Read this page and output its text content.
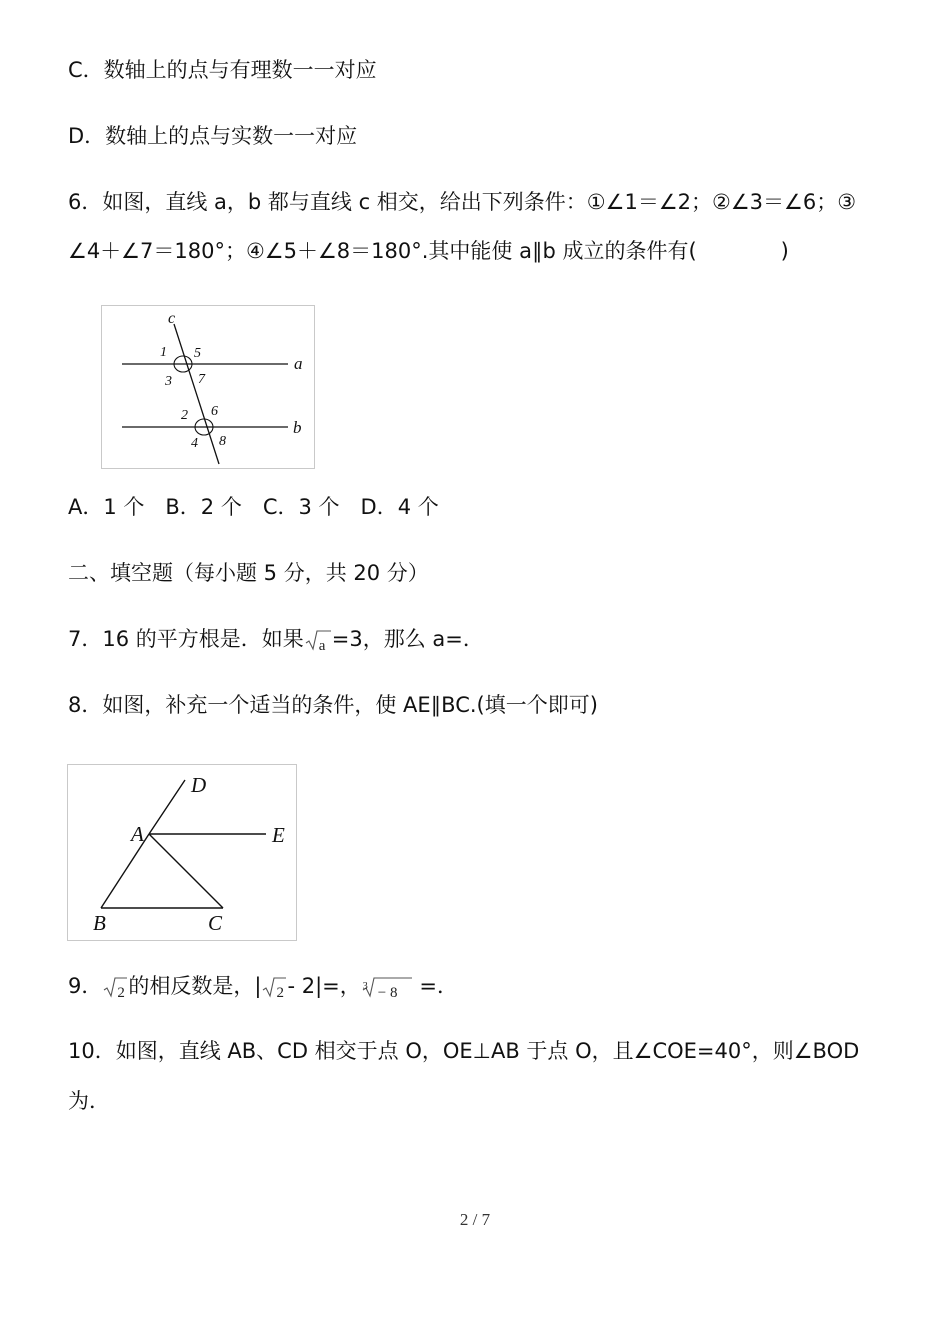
C．数轴上的点与有理数一一对应
D．数轴上的点与实数一一对应
6．如图，直线 a，b 都与直线 c 相交，给出下列条件：①∠1＝∠2；②∠3＝∠6；③
∠4＋∠7＝180°；④∠5＋∠8＝180°.其中能使 a∥b 成立的条件有(　　　　)
c
a
b
1 5
3 7
2 6
4 8
A．1 个　B．2 个　C．3 个　D．4 个
二、填空题（每小题 5 分，共 20 分）
7．16 的平方根是．如果 a =3，那么 a=．
8．如图，补充一个适当的条件，使 AE∥BC.(填一个即可)
D
A	E
B	C
9． 2 的相反数是，| 2 - 2|=， 3 − 8 =．
10．如图，直线 AB、CD 相交于点 O，OE⊥AB 于点 O，且∠COE=40°，则∠BOD
为．
2 / 7
